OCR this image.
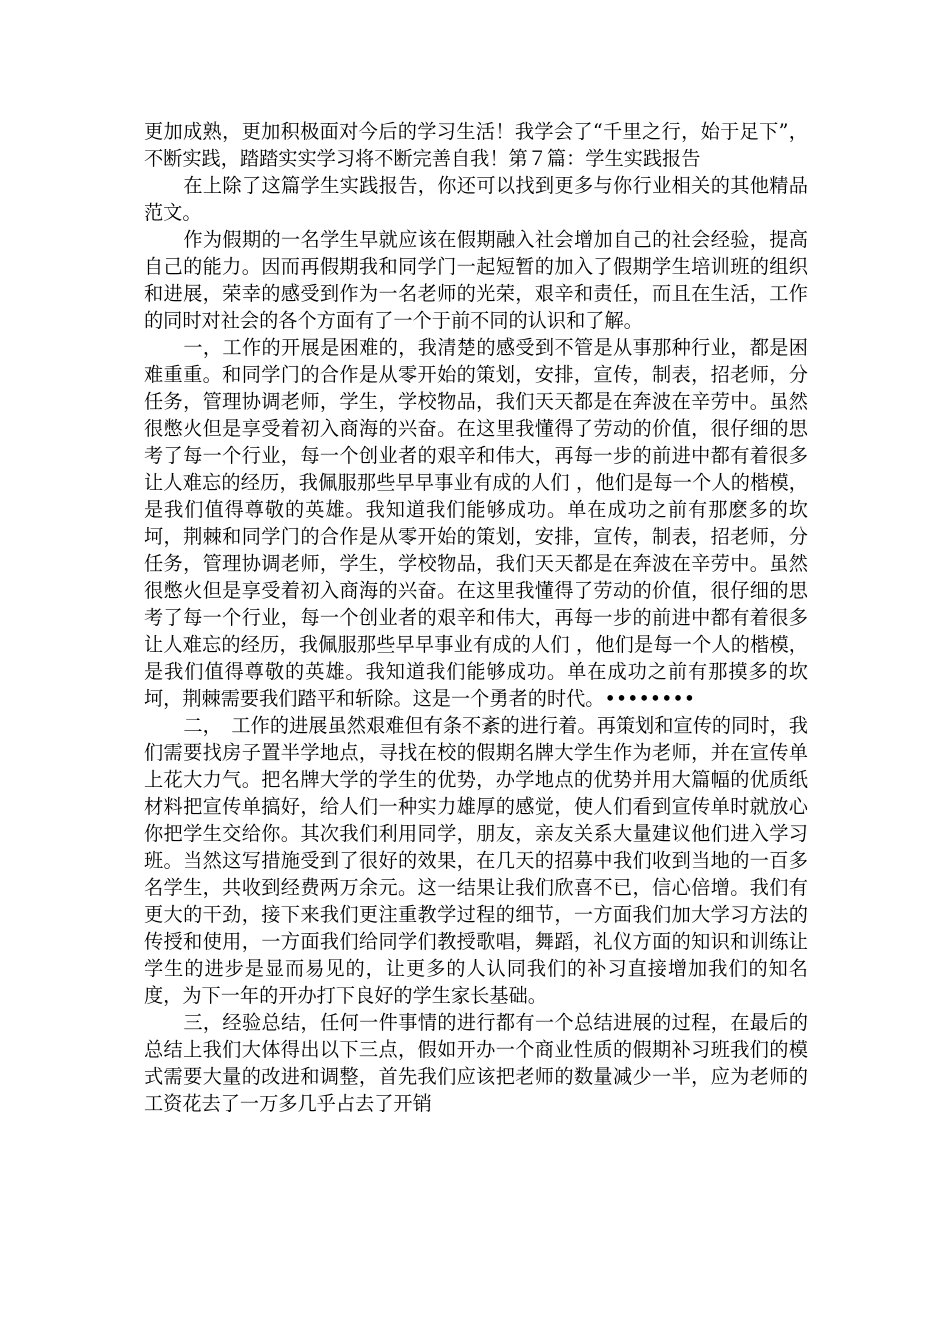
更加成熟，更加积极面对今后的学习生活！我学会了“千里之行，始于足下”，不断实践，踏踏实实学习将不断完善自我！第７篇：学生实践报告

在上除了这篇学生实践报告，你还可以找到更多与你行业相关的其他精品范文。

作为假期的一名学生早就应该在假期融入社会增加自己的社会经验，提高自己的能力。因而再假期我和同学门一起短暂的加入了假期学生培训班的组织和进展，荣幸的感受到作为一名老师的光荣，艰辛和责任，而且在生活，工作的同时对社会的各个方面有了一个于前不同的认识和了解。

一，工作的开展是困难的，我清楚的感受到不管是从事那种行业，都是困难重重。和同学门的合作是从零开始的策划，安排，宣传，制表，招老师，分任务，管理协调老师，学生，学校物品，我们天天都是在奔波在辛劳中。虽然很憋火但是享受着初入商海的兴奋。在这里我懂得了劳动的价值，很仔细的思考了每一个行业，每一个创业者的艰辛和伟大，再每一步的前进中都有着很多让人难忘的经历，我佩服那些早早事业有成的人们 ，他们是每一个人的楷模，是我们值得尊敬的英雄。我知道我们能够成功。单在成功之前有那麽多的坎坷，荆棘和同学门的合作是从零开始的策划，安排，宣传，制表，招老师，分任务，管理协调老师，学生，学校物品，我们天天都是在奔波在辛劳中。虽然很憋火但是享受着初入商海的兴奋。在这里我懂得了劳动的价值，很仔细的思考了每一个行业，每一个创业者的艰辛和伟大，再每一步的前进中都有着很多让人难忘的经历，我佩服那些早早事业有成的人们 ，他们是每一个人的楷模，是我们值得尊敬的英雄。我知道我们能够成功。单在成功之前有那摸多的坎坷，荆棘需要我们踏平和斩除。这是一个勇者的时代。••••••••

二，　工作的进展虽然艰难但有条不紊的进行着。再策划和宣传的同时，我们需要找房子置半学地点，寻找在校的假期名牌大学生作为老师，并在宣传单上花大力气。把名牌大学的学生的优势，办学地点的优势并用大篇幅的优质纸材料把宣传单搞好，给人们一种实力雄厚的感觉，使人们看到宣传单时就放心你把学生交给你。其次我们利用同学，朋友，亲友关系大量建议他们进入学习班。当然这写措施受到了很好的效果，在几天的招募中我们收到当地的一百多名学生，共收到经费两万余元。这一结果让我们欣喜不已，信心倍增。我们有更大的干劲，接下来我们更注重教学过程的细节，一方面我们加大学习方法的传授和使用，一方面我们给同学们教授歌唱，舞蹈，礼仪方面的知识和训练让学生的进步是显而易见的，让更多的人认同我们的补习直接增加我们的知名度，为下一年的开办打下良好的学生家长基础。

三，经验总结，任何一件事情的进行都有一个总结进展的过程，在最后的总结上我们大体得出以下三点，假如开办一个商业性质的假期补习班我们的模式需要大量的改进和调整，首先我们应该把老师的数量减少一半，应为老师的工资花去了一万多几乎占去了开销
